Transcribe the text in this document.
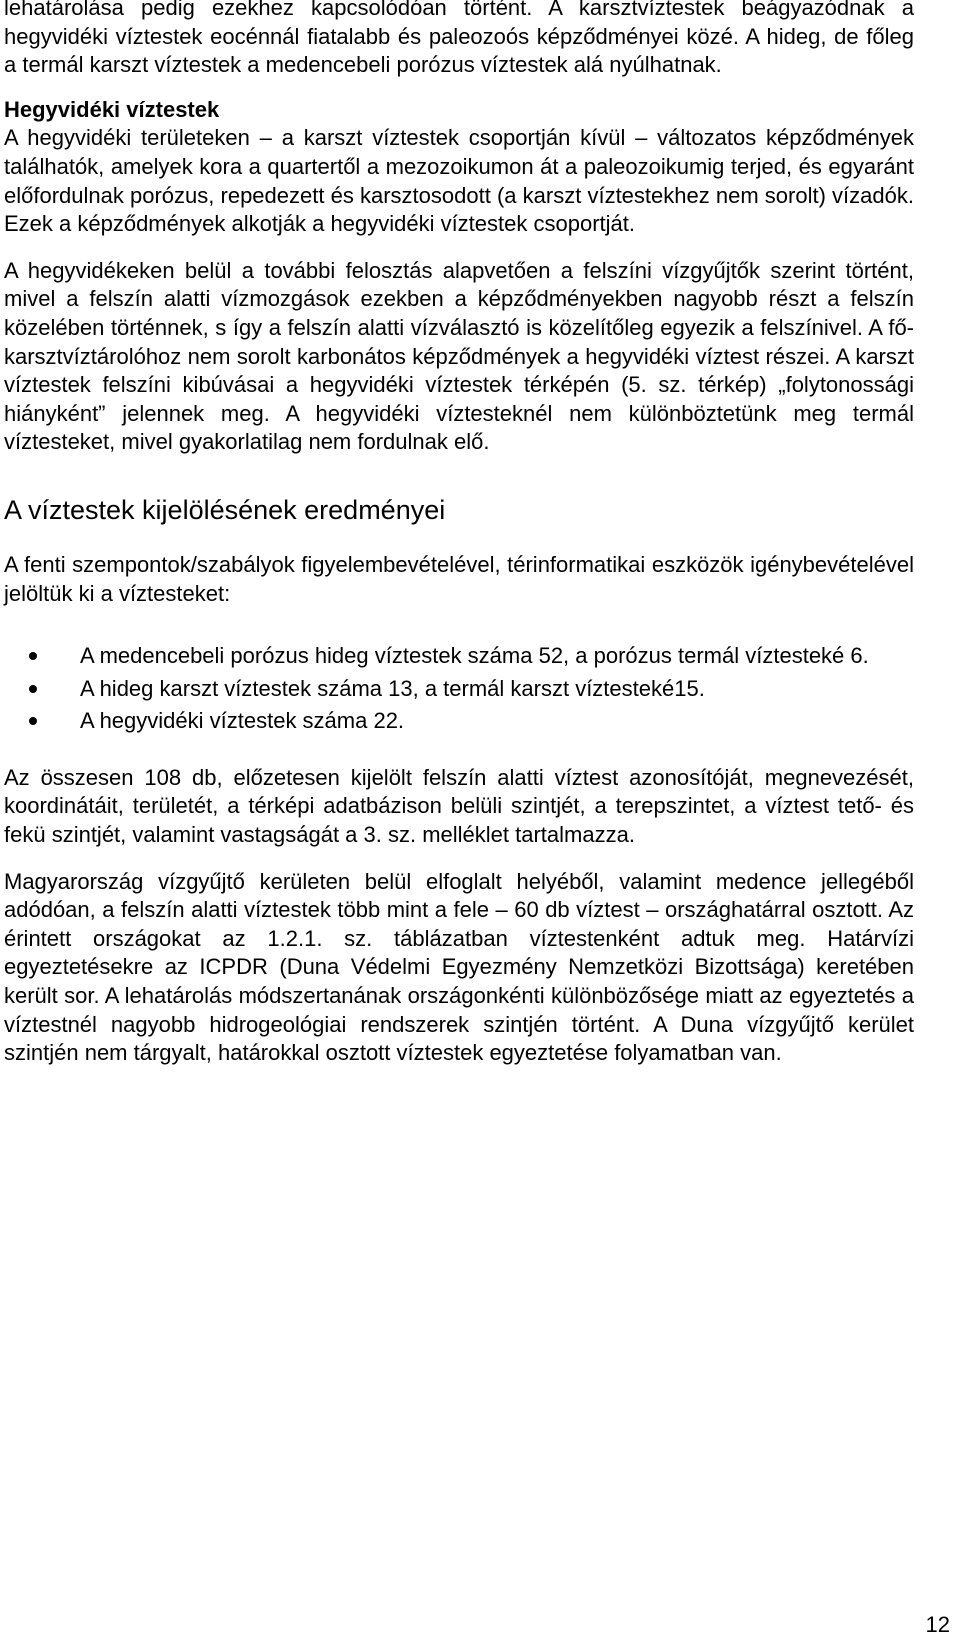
lehatárolása pedig ezekhez kapcsolódóan történt. A karsztvíztestek beágyazódnak a hegyvidéki víztestek eocénnál fiatalabb és paleozoós képződményei közé. A hideg, de főleg a termál karszt víztestek a medencebeli porózus víztestek alá nyúlhatnak.

Hegyvidéki víztestek

A hegyvidéki területeken – a karszt víztestek csoportján kívül – változatos képződmények találhatók, amelyek kora a quartertől a mezozoikumon át a paleozoikumig terjed, és egyaránt előfordulnak porózus, repedezett és karsztosodott (a karszt víztestekhez nem sorolt) vízadók. Ezek a képződmények alkotják a hegyvidéki víztestek csoportját.

A hegyvidékeken belül a további felosztás alapvetően a felszíni vízgyűjtők szerint történt, mivel a felszín alatti vízmozgások ezekben a képződményekben nagyobb részt a felszín közelében történnek, s így a felszín alatti vízválasztó is közelítőleg egyezik a felszínivel. A fő-karsztvíztárolóhoz nem sorolt karbonátos képződmények a hegyvidéki víztest részei. A karszt víztestek felszíni kibúvásai a hegyvidéki víztestek térképén (5. sz. térkép) „folytonossági hiányként” jelennek meg. A hegyvidéki víztesteknél nem különböztetünk meg termál víztesteket, mivel gyakorlatilag nem fordulnak elő.

A víztestek kijelölésének eredményei

A fenti szempontok/szabályok figyelembevételével, térinformatikai eszközök igénybevételével jelöltük ki a víztesteket:

A medencebeli porózus hideg víztestek száma 52, a porózus termál víztesteké 6.
A hideg karszt víztestek száma 13, a termál karszt víztesteké15.
A hegyvidéki víztestek száma 22.

Az összesen 108 db, előzetesen kijelölt felszín alatti víztest azonosítóját, megnevezését, koordinátáit, területét, a térképi adatbázison belüli szintjét, a terepszintet, a víztest tető- és fekü szintjét, valamint vastagságát a 3. sz. melléklet tartalmazza.

Magyarország vízgyűjtő kerületen belül elfoglalt helyéből, valamint medence jellegéből adódóan, a felszín alatti víztestek több mint a fele – 60 db víztest – országhatárral osztott. Az érintett országokat az 1.2.1. sz. táblázatban víztestenként adtuk meg. Határvízi egyeztetésekre az ICPDR (Duna Védelmi Egyezmény Nemzetközi Bizottsága) keretében került sor. A lehatárolás módszertanának országonkénti különbözősége miatt az egyeztetés a víztestnél nagyobb hidrogeológiai rendszerek szintjén történt. A Duna vízgyűjtő kerület szintjén nem tárgyalt, határokkal osztott víztestek egyeztetése folyamatban van.

12
